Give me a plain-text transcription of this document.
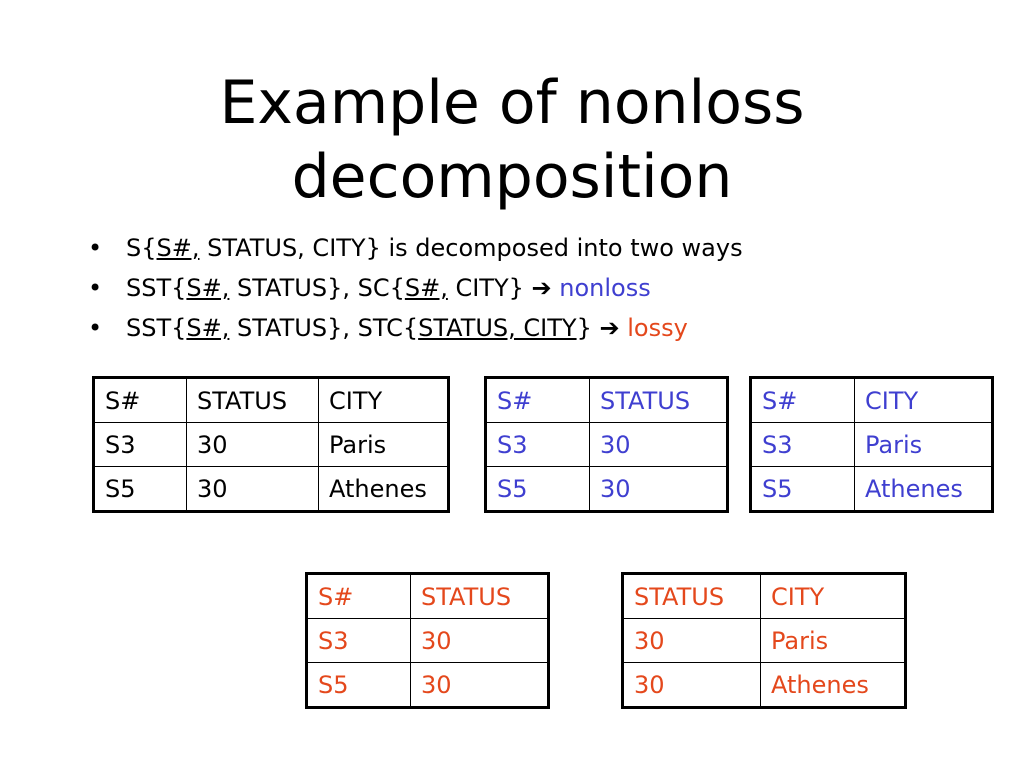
Example of nonloss
decomposition
• S{S#, STATUS, CITY} is decomposed into two ways
• SST{S#, STATUS}, SC{S#, CITY} ➔ nonloss
• SST{S#, STATUS}, STC{STATUS, CITY} ➔ lossy
S#	STATUS	CITY
S3	30	Paris
S5	30	Athenes
S#	STATUS
S3	30
S5	30
S#	CITY
S3	Paris
S5	Athenes
S#	STATUS
S3	30
S5	30
STATUS	CITY
30	Paris
30	Athenes
